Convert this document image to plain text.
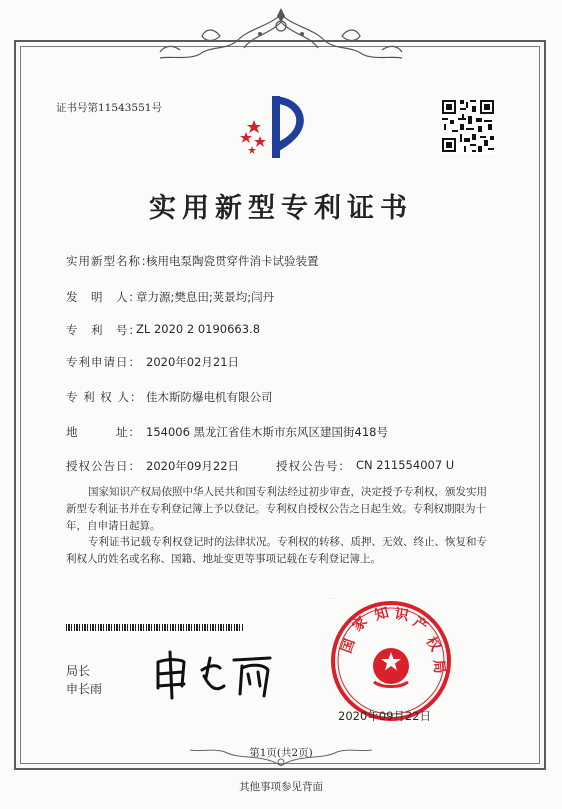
证书号第11543551号
实用新型专利证书
实用新型名称：
核用电泵陶瓷贯穿件消卡试验装置
发　明　人：
章力源;樊息田;荚景均;闫丹
专　利　号：
ZL 2020 2 0190663.8
专利申请日： 2020年02月21日
专 利 权 人： 佳木斯防爆电机有限公司
地　　　址： 154006 黑龙江省佳木斯市东风区建国街418号
授权公告日： 2020年09月22日	授权公告号： CN 211554007 U
国家知识产权局依照中华人民共和国专利法经过初步审查，决定授予专利权，颁发实用新型专利证书并在专利登记簿上予以登记。专利权自授权公告之日起生效。专利权期限为十年，自申请日起算。
专利证书记载专利权登记时的法律状况。专利权的转移、质押、无效、终止、恢复和专利权人的姓名或名称、国籍、地址变更等事项记载在专利登记簿上。
局长
申长雨
申长雨	国
家 知 识 产
权
局
国家知识产权局
2020年09月22日
第1页(共2页)
其他事项参见背面
